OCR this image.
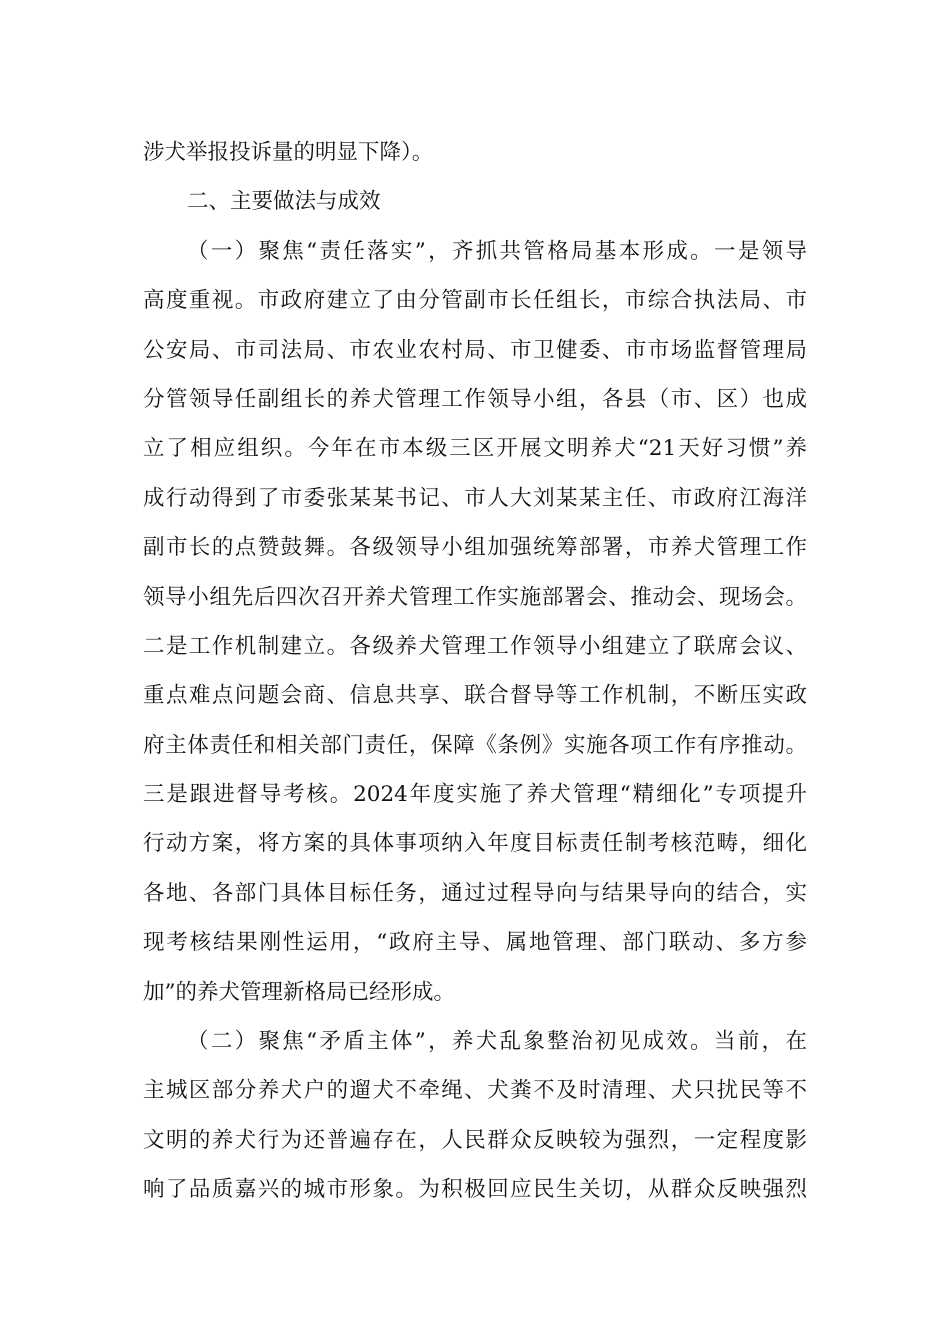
涉犬举报投诉量的明显下降）。
二、主要做法与成效
（一）聚焦“责任落实”，齐抓共管格局基本形成。一是领导
高度重视。市政府建立了由分管副市长任组长，市综合执法局、市
公安局、市司法局、市农业农村局、市卫健委、市市场监督管理局
分管领导任副组长的养犬管理工作领导小组，各县（市、区）也成
立了相应组织。今年在市本级三区开展文明养犬“21天好习惯”养
成行动得到了市委张某某书记、市人大刘某某主任、市政府江海洋
副市长的点赞鼓舞。各级领导小组加强统筹部署，市养犬管理工作
领导小组先后四次召开养犬管理工作实施部署会、推动会、现场会。
二是工作机制建立。各级养犬管理工作领导小组建立了联席会议、
重点难点问题会商、信息共享、联合督导等工作机制，不断压实政
府主体责任和相关部门责任，保障《条例》实施各项工作有序推动。
三是跟进督导考核。2024年度实施了养犬管理“精细化”专项提升
行动方案，将方案的具体事项纳入年度目标责任制考核范畴，细化
各地、各部门具体目标任务，通过过程导向与结果导向的结合，实
现考核结果刚性运用，“政府主导、属地管理、部门联动、多方参
加”的养犬管理新格局已经形成。
（二）聚焦“矛盾主体”，养犬乱象整治初见成效。当前，在
主城区部分养犬户的遛犬不牵绳、犬粪不及时清理、犬只扰民等不
文明的养犬行为还普遍存在，人民群众反映较为强烈，一定程度影
响了品质嘉兴的城市形象。为积极回应民生关切，从群众反映强烈
